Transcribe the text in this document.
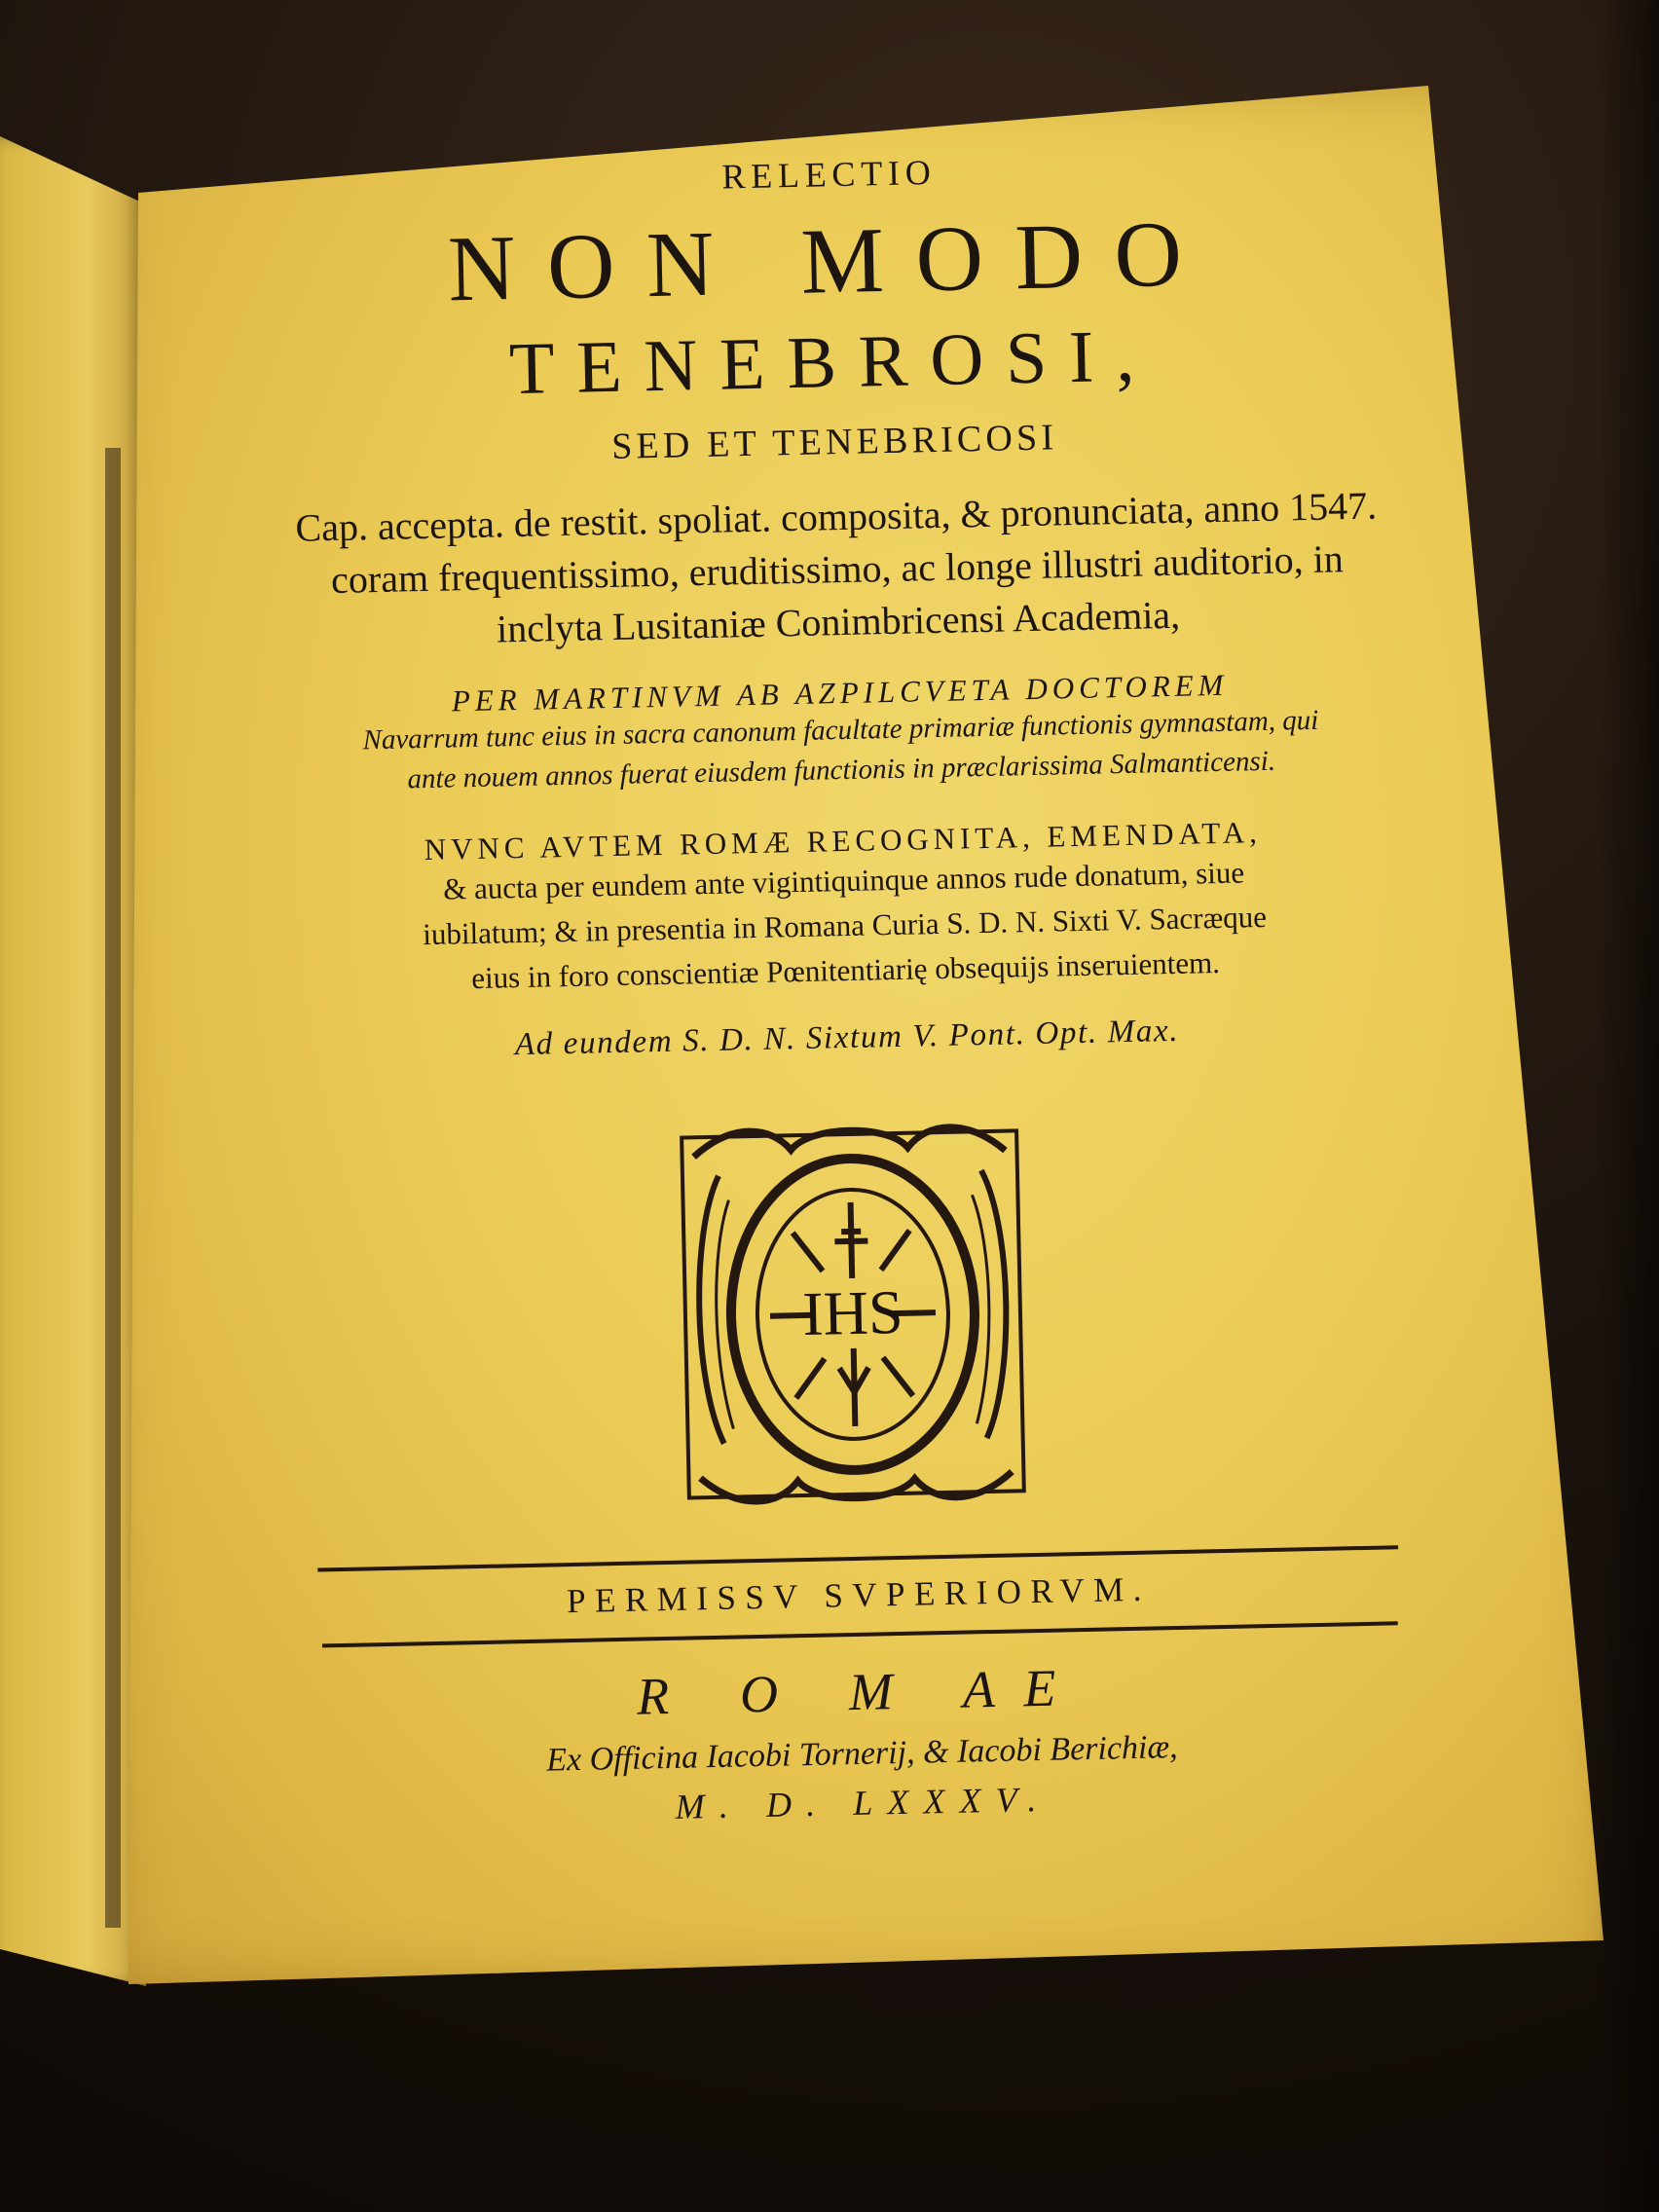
RELECTIO
NON MODO
TENEBROSI,
SED ET TENEBRICOSI
Cap. accepta. de restit. spoliat. composita, & pronunciata, anno 1547. coram frequentissimo, eruditissimo, ac longe illustri auditorio, in inclyta Lusitaniæ Conimbricensi Academia,
PER MARTINVM AB AZPILCVETA DOCTOREM
Navarrum tunc eius in sacra canonum facultate primariæ functionis gymnastam, qui ante nouem annos fuerat eiusdem functionis in præclarissima Salmanticensi.
NVNC AVTEM ROMÆ RECOGNITA, EMENDATA,
& aucta per eundem ante vigintiquinque annos rude donatum, siue iubilatum; & in presentia in Romana Curia S. D. N. Sixti V. Sacræque eius in foro conscientiæ Pœnitentiarię obsequijs inseruientem.
Ad eundem S. D. N. Sixtum V. Pont. Opt. Max.
IHS
PERMISSV SVPERIORVM.
R O M AE
Ex Officina Iacobi Tornerij, & Iacobi Berichiæ,
M. D. LXXXV.
